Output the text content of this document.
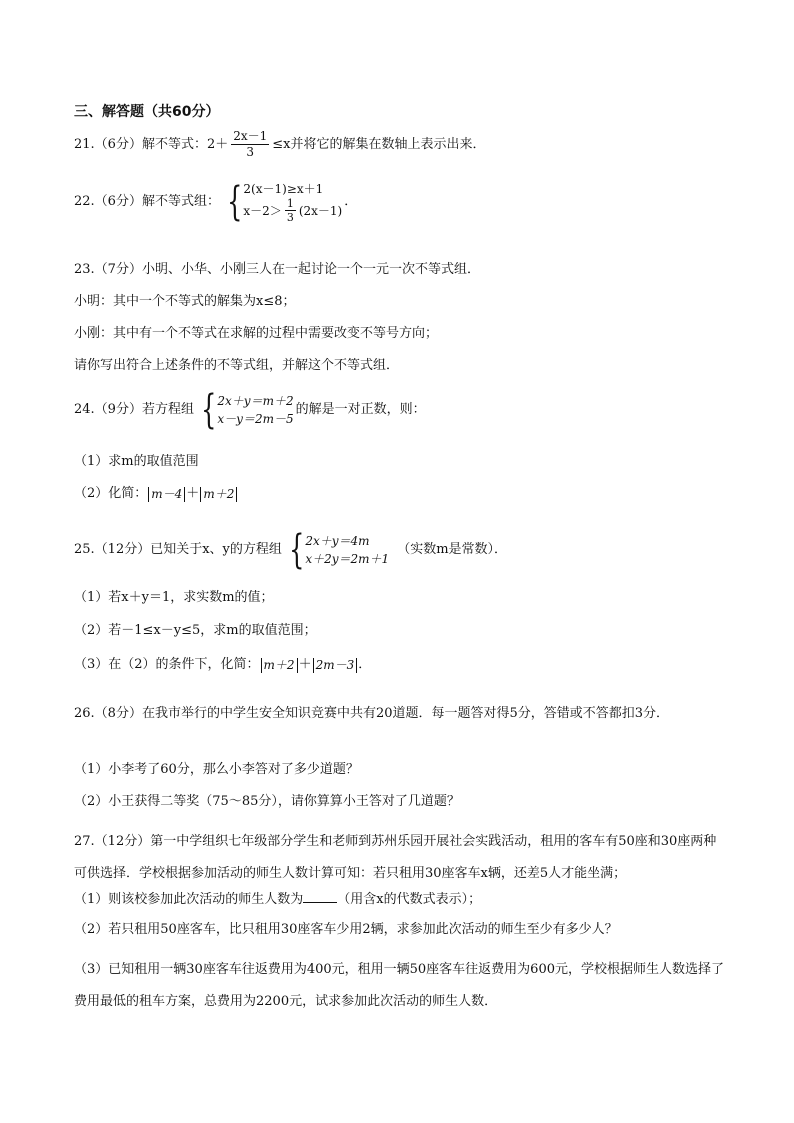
三、解答题（共60分）
21.（6分）解不等式：$2+ \frac{2x-1}{3} \le x$并将它的解集在数轴上表示出来．
22.（6分）解不等式组： { 2(x－1)≥x＋1
$x-2> \frac{1}{3} (2x-1)$
．
23.（7分）小明、小华、小刚三人在一起讨论一个一元一次不等式组．
小明：其中一个不等式的解集为x≤8；
小刚：其中有一个不等式在求解的过程中需要改变不等号方向；
请你写出符合上述条件的不等式组，并解这个不等式组．
24.（9分）若方程组 { 2x＋y＝m＋2
x－y＝2m－5
的解是一对正数，则：
（1）求m的取值范围
（2）化简： m－4 ＋ m＋2
25.（12分）已知关于x、y的方程组 { 2x＋y＝4m
x＋2y＝2m＋1
（实数m是常数）．
（1）若x＋y＝1，求实数m的值；
（2）若－1≤x－y≤5，求m的取值范围；
（3）在（2）的条件下，化简： m＋2 ＋ 2m－3 ．
26.（8分）在我市举行的中学生安全知识竞赛中共有20道题．每一题答对得5分，答错或不答都扣3分．
（1）小李考了60分，那么小李答对了多少道题？
（2）小王获得二等奖（75～85分），请你算算小王答对了几道题？
27.（12分）第一中学组织七年级部分学生和老师到苏州乐园开展社会实践活动，租用的客车有50座和30座两种可供选择．学校根据参加活动的师生人数计算可知：若只租用30座客车x辆，还差5人才能坐满；
（1）则该校参加此次活动的师生人数为	（用含x的代数式表示）；
（2）若只租用50座客车，比只租用30座客车少用2辆，求参加此次活动的师生至少有多少人？
（3）已知租用一辆30座客车往返费用为400元，租用一辆50座客车往返费用为600元，学校根据师生人数选择了费用最低的租车方案，总费用为2200元，试求参加此次活动的师生人数．
